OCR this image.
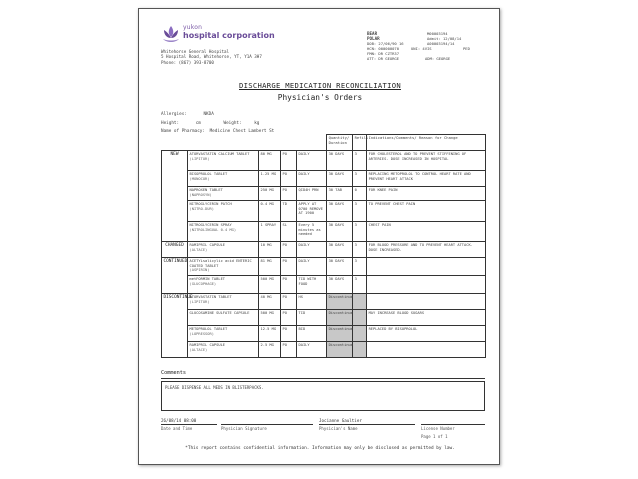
yukon
hospital corporation
Whitehorse General Hospital
5 Hospital Road, Whitehorse, YT, Y1A 3H7
Phone: (867) 393-8700
BEAR	M00003194
POLAR	Admit: 12/08/14
DOB: 27/06/90 16	A00003194/14
HCN: 000000070	UNI: 4VIS	PED
FMN: DR CZTR37
ATT: DR GEORGE	ADM: GEORGE
DISCHARGE MEDICATION RECONCILIATION
Physician's Orders
Allergies:	NKDA
Height:	cm	Weight:	kg
Name of Pharmacy: Medicine Chest Lambert St
					Quantity/ Duration	Refill	Indications/Comments/ Reason for Change
NEW	ATORVASTATIN CALCIUM TABLET
(LIPITOR)	80 MG	PO	DAILY	30 DAYS	3	FOR CHOLESTEROL AND TO PREVENT STIFFENING OF ARTERIES. DOSE INCREASED IN HOSPITAL

	BISOPROLOL TABLET
(MONOCOR)	1.25 MG	PO	DAILY	30 DAYS	3	REPLACING METOPROLOL TO CONTROL HEART RATE AND PREVENT HEART ATTACK

	NAPROXEN TABLET
(NAPROSYN)	250 MG	PO	QID4H PRN	30 TAB	0	FOR KNEE PAIN

	NITROGLYCERIN PATCH
(NITRO-DUR)	0.4 MG	TD	APPLY AT 0700 REMOVE AT 1900	30 DAYS	3	TO PREVENT CHEST PAIN

	NITROGLYCERIN SPRAY
(NITROLINGUAL 0.4 MG)	1 SPRAY	SL	Every 5 minutes as needed	30 DAYS	3	CHEST PAIN
CHANGED	RAMIPRIL CAPSULE
(ALTACE)	10 MG	PO	DAILY	30 DAYS	3	FOR BLOOD PRESSURE AND TO PREVENT HEART ATTACK. DOSE INCREASED.
CONTINUED	ACETYLsalicylic acid ENTERIC COATED TABLET
(ASPIRIN)	81 MG	PO	DAILY	30 DAYS	3	

	metFORMIN TABLET
(GLUCOPHAGE)	500 MG	PO	TID WITH FOOD	30 DAYS	3	
DISCONTINUE	ATORVASTATIN TABLET
(LIPITOR)	40 MG	PO	HS	Discontinue		

	GLUCOSAMINE SULFATE CAPSULE	500 MG	PO	TID	Discontinue		MAY INCREASE BLOOD SUGARS

	METOPROLOL TABLET
(LOPRESSOR)	12.5 MG	PO	BID	Discontinue		REPLACED BY BISOPROLOL

	RAMIPRIL CAPSULE
(ALTACE)	2.5 MG	PO	DAILY	Discontinue		
Comments
PLEASE DISPENSE ALL MEDS IN BLISTERPACKS.
26/08/14 08:00
Date and Time	Physician Signature
Jocianne Gaultier
Physician's Name	License Number
Page 1 of 1
*This report contains confidential information. Information may only be disclosed as permitted by law.
